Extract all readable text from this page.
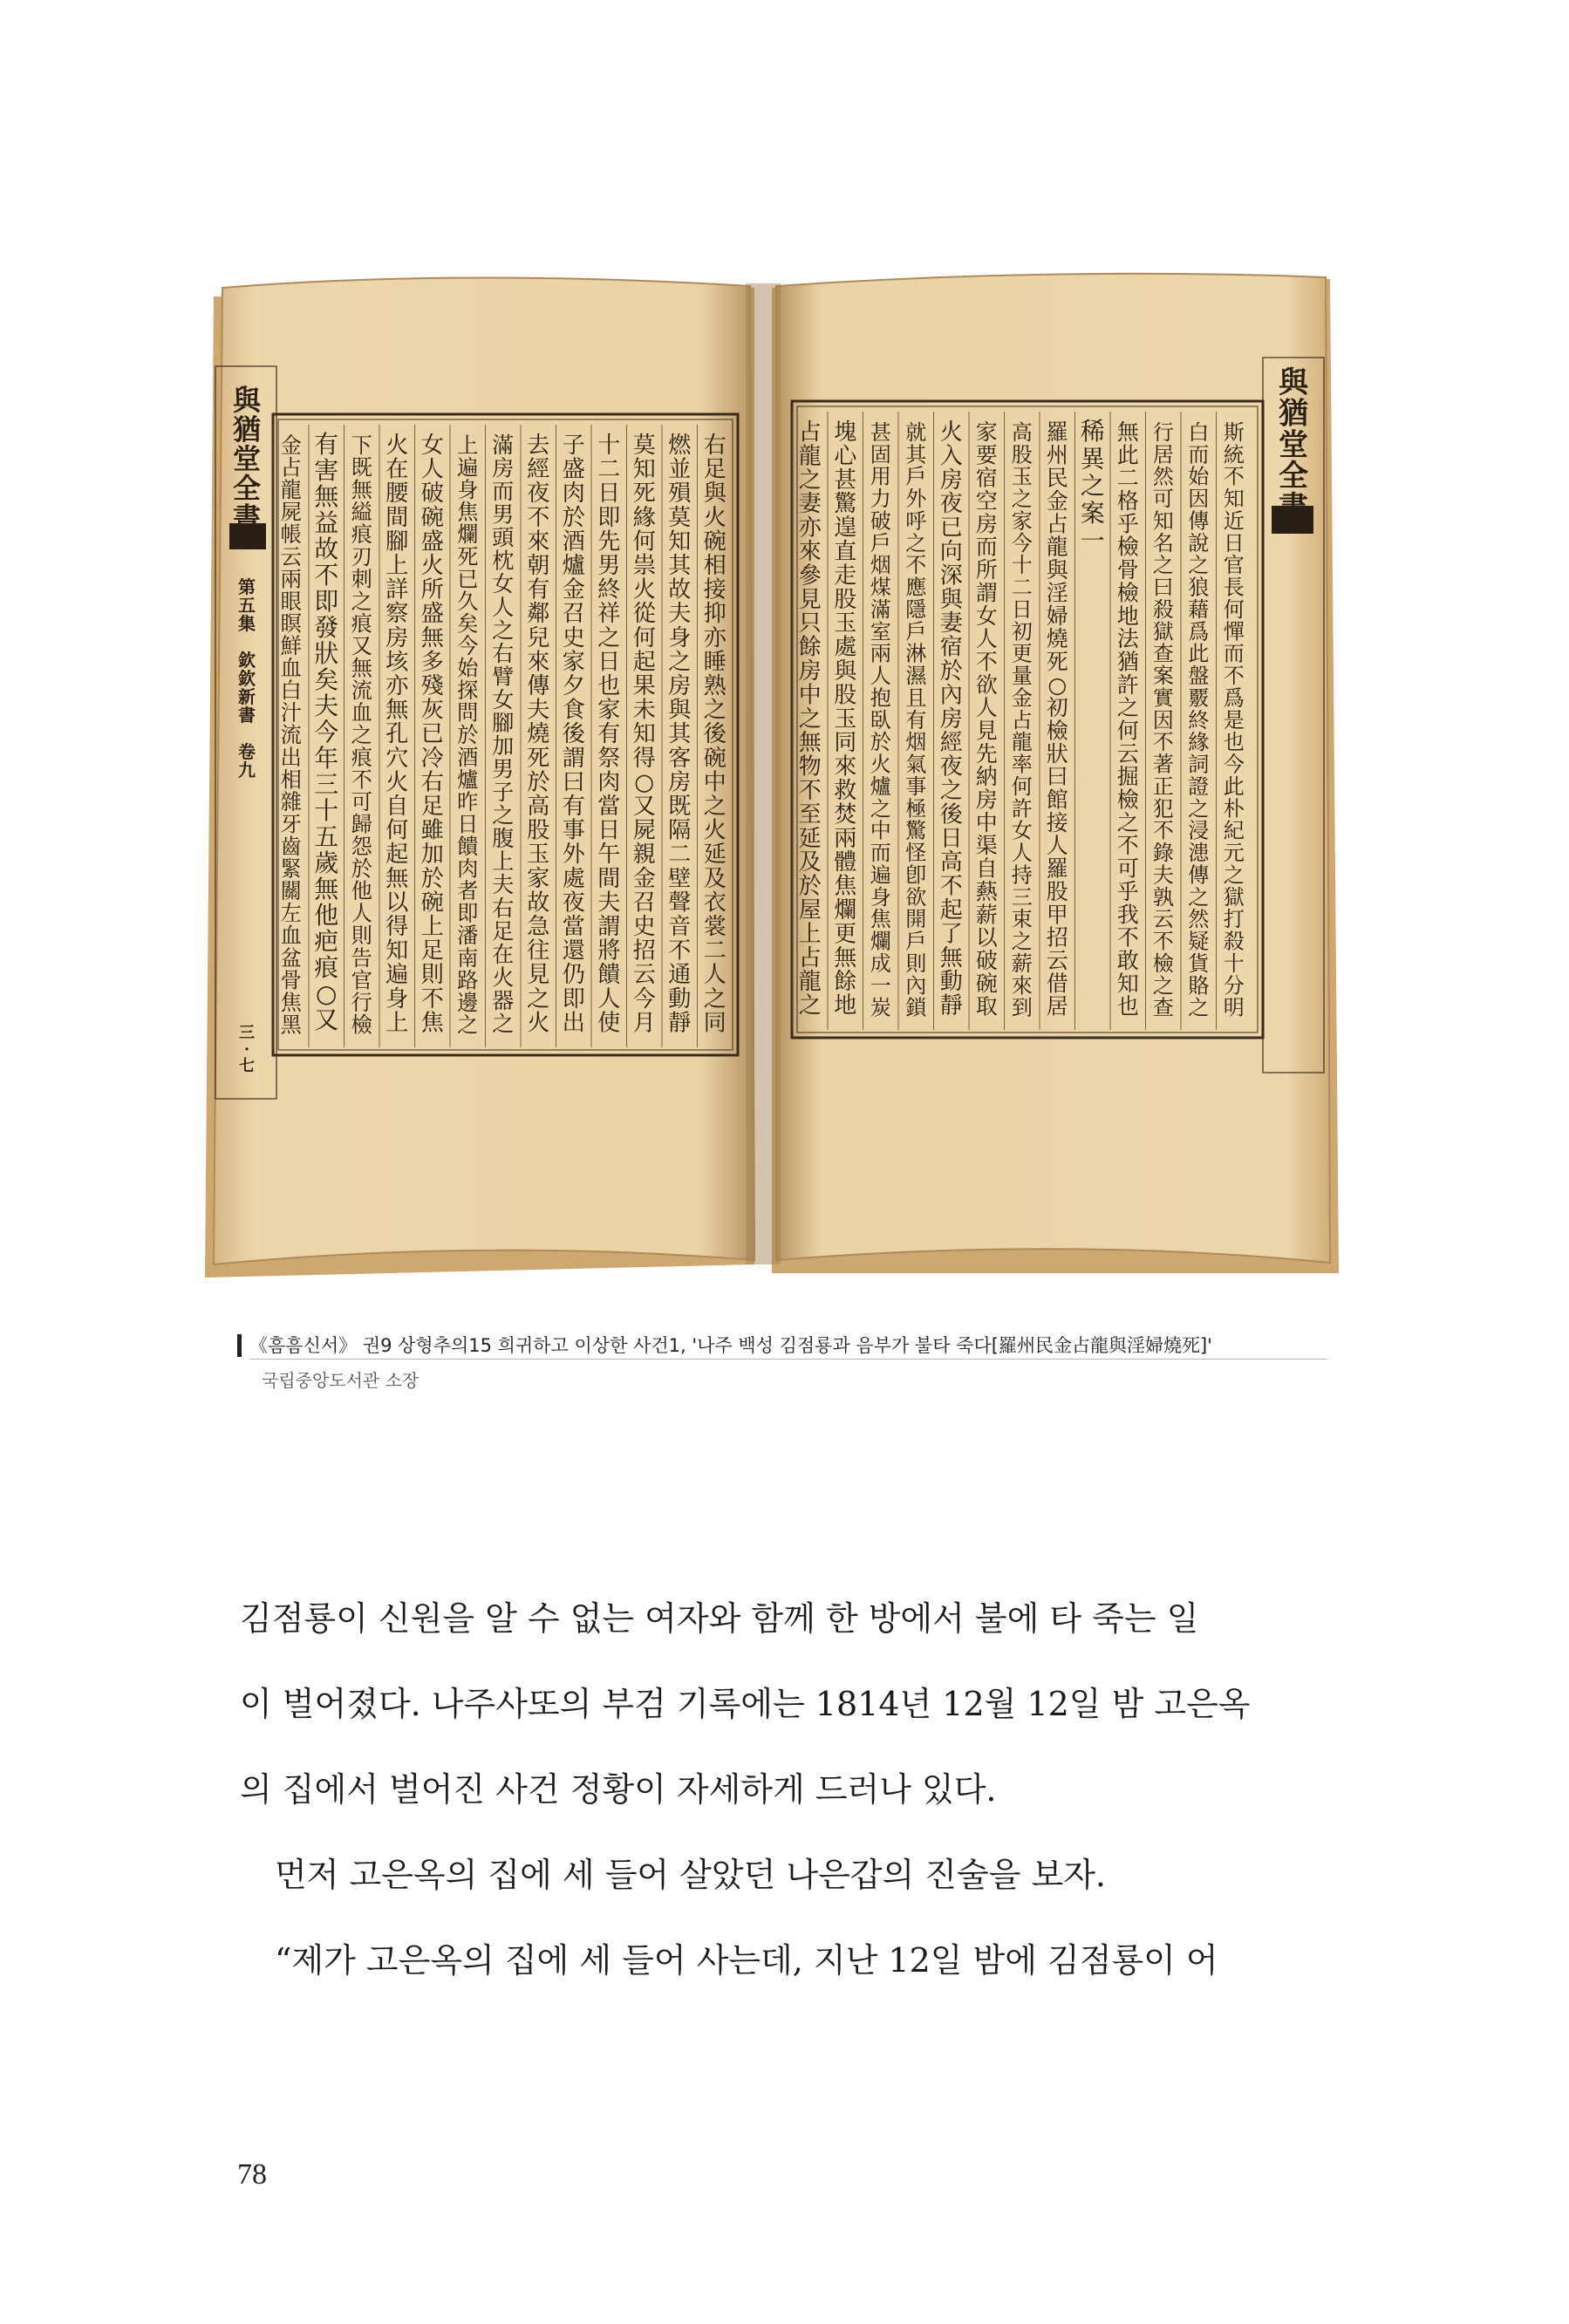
右
足
與
火
碗
相
接
抑
亦
睡
熟
之
後
碗
中
之
火
延
及
衣
裳
二
人
之
同
燃
並
殞
莫
知
其
故
夫
身
之
房
與
其
客
房
既
隔
二
壁
聲
音
不
通
動
靜
莫
知
死
緣
何
祟
火
從
何
起
果
未
知
得
○
又
屍
親
金
召
史
招
云
今
月
十
二
日
即
先
男
終
祥
之
日
也
家
有
祭
肉
當
日
午
間
夫
謂
將
饋
人
使
子
盛
肉
於
酒
爐
金
召
史
家
夕
食
後
謂
曰
有
事
外
處
夜
當
還
仍
即
出
去
經
夜
不
來
朝
有
鄰
兒
來
傳
夫
燒
死
於
高
股
玉
家
故
急
往
見
之
火
滿
房
而
男
頭
枕
女
人
之
右
臂
女
腳
加
男
子
之
腹
上
夫
右
足
在
火
器
之
上
遍
身
焦
爛
死
已
久
矣
今
始
探
問
於
酒
爐
昨
日
饋
肉
者
即
潘
南
路
邊
之
女
人
破
碗
盛
火
所
盛
無
多
殘
灰
已
冷
右
足
雖
加
於
碗
上
足
則
不
焦
火
在
腰
間
腳
上
詳
察
房
垓
亦
無
孔
穴
火
自
何
起
無
以
得
知
遍
身
上
下
既
無
縊
痕
刃
刺
之
痕
又
無
流
血
之
痕
不
可
歸
怨
於
他
人
則
告
官
行
檢
有
害
無
益
故
不
即
發
狀
矣
夫
今
年
三
十
五
歲
無
他
疤
痕
○
又
金
占
龍
屍
帳
云
兩
眼
瞑
鮮
血
白
汁
流
出
相
雜
牙
齒
緊
關
左
血
盆
骨
焦
黑
斯
統
不
知
近
日
官
長
何
憚
而
不
爲
是
也
今
此
朴
紀
元
之
獄
打
殺
十
分
明
白
而
始
因
傳
說
之
狼
藉
爲
此
盤
覈
終
緣
詞
證
之
浸
漶
傳
之
然
疑
貨
賂
之
行
居
然
可
知
名
之
曰
殺
獄
查
案
實
因
不
著
正
犯
不
錄
夫
孰
云
不
檢
之
查
無
此
二
格
乎
檢
骨
檢
地
法
猶
許
之
何
云
掘
檢
之
不
可
乎
我
不
敢
知
也
稀
異
之
案
一
羅
州
民
金
占
龍
與
淫
婦
燒
死
○
初
檢
狀
曰
館
接
人
羅
股
甲
招
云
借
居
高
股
玉
之
家
今
十
二
日
初
更
量
金
占
龍
率
何
許
女
人
持
三
束
之
薪
來
到
家
要
宿
空
房
而
所
謂
女
人
不
欲
人
見
先
納
房
中
渠
自
爇
薪
以
破
碗
取
火
入
房
夜
已
向
深
與
妻
宿
於
內
房
經
夜
之
後
日
高
不
起
了
無
動
靜
就
其
戶
外
呼
之
不
應
隱
戶
淋
濕
且
有
烟
氣
事
極
驚
怪
卽
欲
開
戶
則
內
鎖
甚
固
用
力
破
戶
烟
煤
滿
室
兩
人
抱
臥
於
火
爐
之
中
而
遍
身
焦
爛
成
一
炭
塊
心
甚
驚
遑
直
走
股
玉
處
與
股
玉
同
來
救
焚
兩
體
焦
爛
更
無
餘
地
占
龍
之
妻
亦
來
參
見
只
餘
房
中
之
無
物
不
至
延
及
於
屋
上
占
龍
之
與
猶
堂
全
書
第
五
集
欽
欽
新
書
卷
九
三
·
七
與
猶
堂
全
書
《흠흠신서》 권9 상형추의15 희귀하고 이상한 사건1, '나주 백성 김점룡과 음부가 불타 죽다[羅州民金占龍與淫婦燒死]'
국립중앙도서관 소장
김점룡이 신원을 알 수 없는 여자와 함께 한 방에서 불에 타 죽는 일
이 벌어졌다. 나주사또의 부검 기록에는 1814년 12월 12일 밤 고은옥
의 집에서 벌어진 사건 정황이 자세하게 드러나 있다.
먼저 고은옥의 집에 세 들어 살았던 나은갑의 진술을 보자.
“제가 고은옥의 집에 세 들어 사는데, 지난 12일 밤에 김점룡이 어
78
